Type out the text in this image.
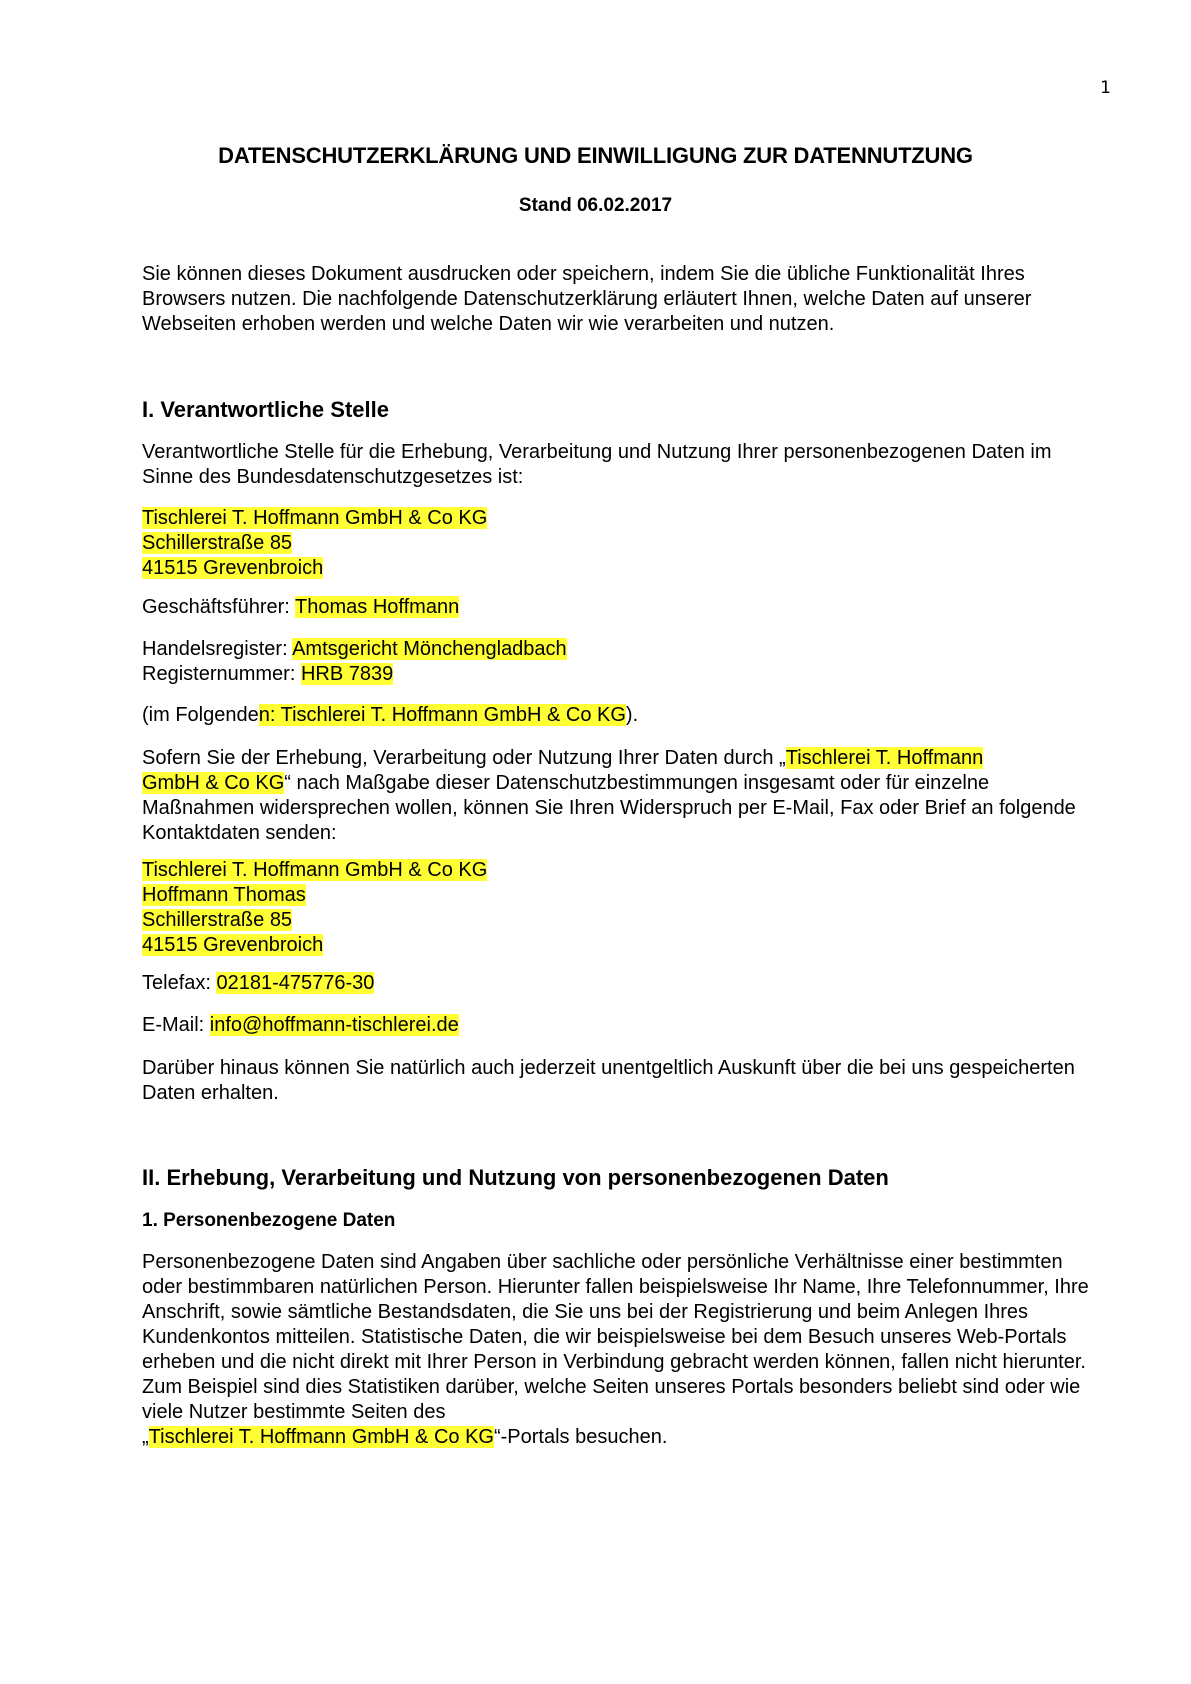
1
DATENSCHUTZERKLÄRUNG UND EINWILLIGUNG ZUR DATENNUTZUNG
Stand 06.02.2017

Sie können dieses Dokument ausdrucken oder speichern, indem Sie die übliche Funktionalität Ihres Browsers nutzen. Die nachfolgende Datenschutzerklärung erläutert Ihnen, welche Daten auf unserer Webseiten erhoben werden und welche Daten wir wie verarbeiten und nutzen.

I. Verantwortliche Stelle

Verantwortliche Stelle für die Erhebung, Verarbeitung und Nutzung Ihrer personenbezogenen Daten im Sinne des Bundesdatenschutzgesetzes ist:

Tischlerei T. Hoffmann GmbH & Co KG
Schillerstraße 85
41515 Grevenbroich
Geschäftsführer: Thomas Hoffmann
Handelsregister: Amtsgericht Mönchengladbach
Registernummer: HRB 7839
(im Folgenden: Tischlerei T. Hoffmann GmbH & Co KG).

Sofern Sie der Erhebung, Verarbeitung oder Nutzung Ihrer Daten durch „Tischlerei T. Hoffmann
GmbH & Co KG“ nach Maßgabe dieser Datenschutzbestimmungen insgesamt oder für einzelne Maßnahmen widersprechen wollen, können Sie Ihren Widerspruch per E-Mail, Fax oder Brief an folgende Kontaktdaten senden:

Tischlerei T. Hoffmann GmbH & Co KG
Hoffmann Thomas
Schillerstraße 85
41515 Grevenbroich
Telefax: 02181-475776-30
E-Mail: info@hoffmann-tischlerei.de

Darüber hinaus können Sie natürlich auch jederzeit unentgeltlich Auskunft über die bei uns gespeicherten Daten erhalten.

II. Erhebung, Verarbeitung und Nutzung von personenbezogenen Daten
1. Personenbezogene Daten

Personenbezogene Daten sind Angaben über sachliche oder persönliche Verhältnisse einer bestimmten oder bestimmbaren natürlichen Person. Hierunter fallen beispielsweise Ihr Name, Ihre Telefonnummer, Ihre Anschrift, sowie sämtliche Bestandsdaten, die Sie uns bei der Registrierung und beim Anlegen Ihres Kundenkontos mitteilen. Statistische Daten, die wir beispielsweise bei dem Besuch unseres Web-Portals erheben und die nicht direkt mit Ihrer Person in Verbindung gebracht werden können, fallen nicht hierunter. Zum Beispiel sind dies Statistiken darüber, welche Seiten unseres Portals besonders beliebt sind oder wie viele Nutzer bestimmte Seiten des
„Tischlerei T. Hoffmann GmbH & Co KG“-Portals besuchen.
